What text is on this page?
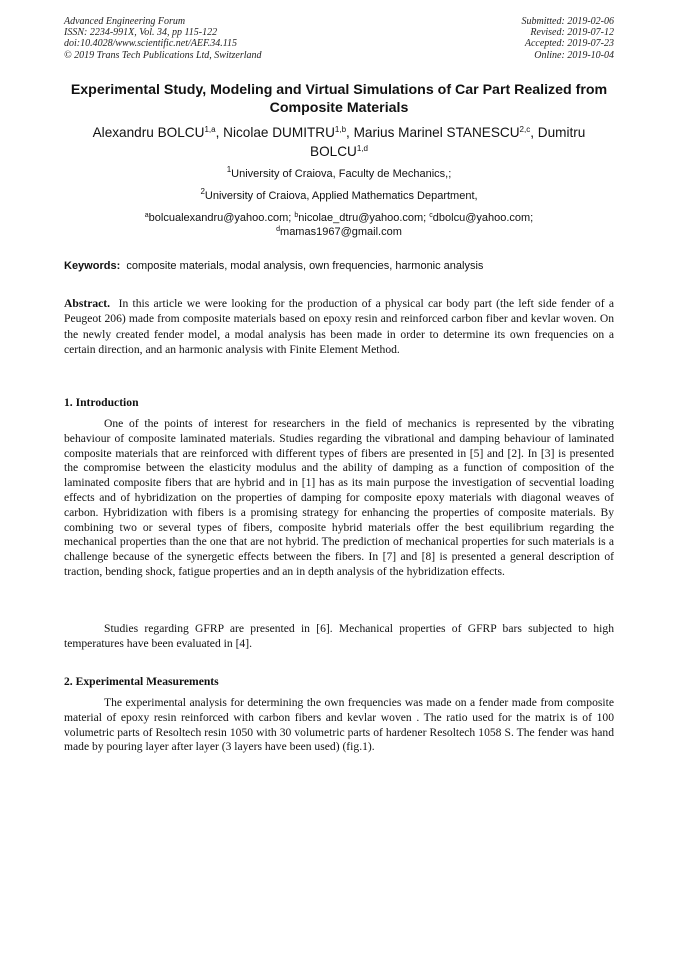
Advanced Engineering Forum
ISSN: 2234-991X, Vol. 34, pp 115-122
doi:10.4028/www.scientific.net/AEF.34.115
© 2019 Trans Tech Publications Ltd, Switzerland
Submitted: 2019-02-06
Revised: 2019-07-12
Accepted: 2019-07-23
Online: 2019-10-04
Experimental Study, Modeling and Virtual Simulations of Car Part Realized from Composite Materials
Alexandru BOLCU$^{1,a}$, Nicolae DUMITRU$^{1,b}$, Marius Marinel STANESCU$^{2,c}$, Dumitru BOLCU$^{1,d}$
$^1$University of Craiova, Faculty de Mechanics,;
$^2$University of Craiova, Applied Mathematics Department,
$^a$bolcualexandru@yahoo.com; $^b$nicolae_dtru@yahoo.com; $^c$dbolcu@yahoo.com;
$^d$mamas1967@gmail.com
Keywords: composite materials, modal analysis, own frequencies, harmonic analysis
Abstract. In this article we were looking for the production of a physical car body part (the left side fender of a Peugeot 206) made from composite materials based on epoxy resin and reinforced carbon fiber and kevlar woven. On the newly created fender model, a modal analysis has been made in order to determine its own frequencies on a certain direction, and an harmonic analysis with Finite Element Method.
1. Introduction
One of the points of interest for researchers in the field of mechanics is represented by the vibrating behaviour of composite laminated materials. Studies regarding the vibrational and damping behaviour of laminated composite materials that are reinforced with different types of fibers are presented in [5] and [2]. In [3] is presented the compromise between the elasticity modulus and the ability of damping as a function of composition of the laminated composite fibers that are hybrid and in [1] has as its main purpose the investigation of secvential loading effects and of hybridization on the properties of damping for composite epoxy materials with diagonal weaves of carbon. Hybridization with fibers is a promising strategy for enhancing the properties of composite materials. By combining two or several types of fibers, composite hybrid materials offer the best equilibrium regarding the mechanical properties than the one that are not hybrid. The prediction of mechanical properties for such materials is a challenge because of the synergetic effects between the fibers. In [7] and [8] is presented a general description of traction, bending shock, fatigue properties and an in depth analysis of the hybridization effects.
Studies regarding GFRP are presented in [6]. Mechanical properties of GFRP bars subjected to high temperatures have been evaluated in [4].
2. Experimental Measurements
The experimental analysis for determining the own frequencies was made on a fender made from composite material of epoxy resin reinforced with carbon fibers and kevlar woven . The ratio used for the matrix is of 100 volumetric parts of Resoltech resin 1050 with 30 volumetric parts of hardener Resoltech 1058 S. The fender was hand made by pouring layer after layer (3 layers have been used) (fig.1).
